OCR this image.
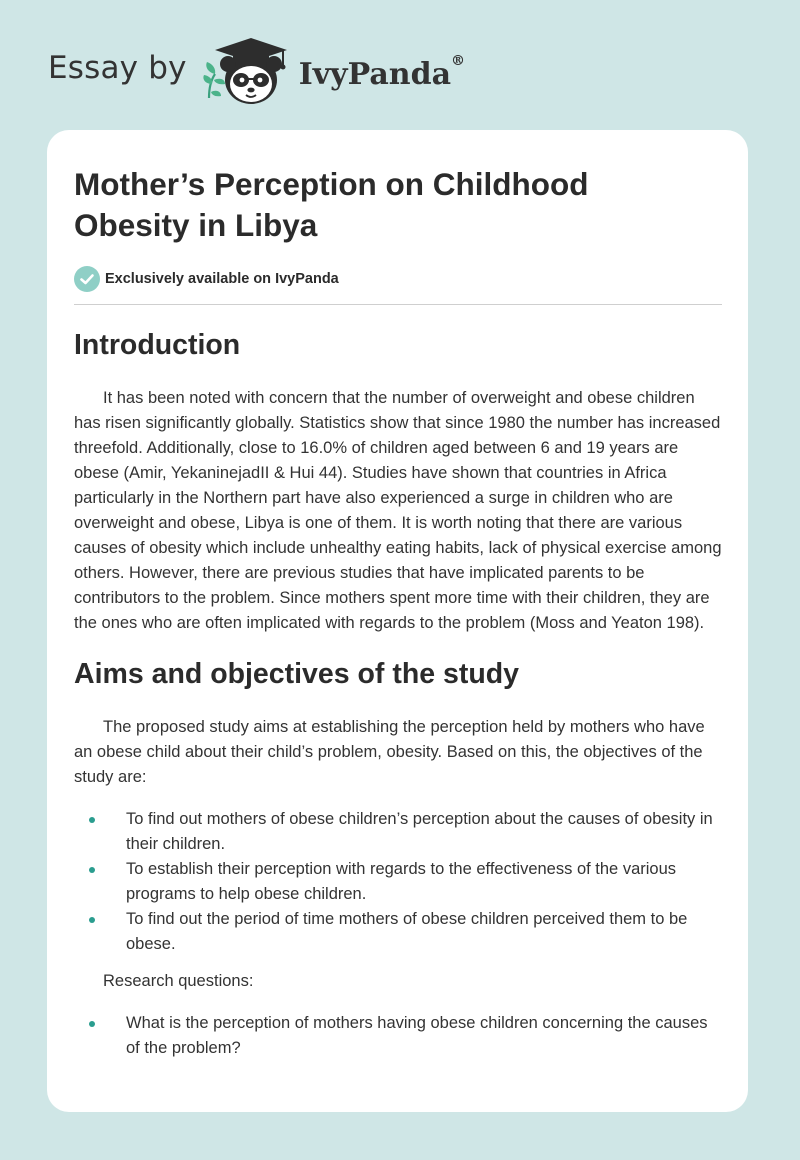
Essay by	IvyPanda®
Mother’s Perception on Childhood Obesity in Libya
Exclusively available on IvyPanda
Introduction

It has been noted with concern that the number of overweight and obese children has risen significantly globally. Statistics show that since 1980 the number has increased threefold. Additionally, close to 16.0% of children aged between 6 and 19 years are obese (Amir, YekaninejadII & Hui 44). Studies have shown that countries in Africa particularly in the Northern part have also experienced a surge in children who are overweight and obese, Libya is one of them. It is worth noting that there are various causes of obesity which include unhealthy eating habits, lack of physical exercise among others. However, there are previous studies that have implicated parents to be contributors to the problem. Since mothers spent more time with their children, they are the ones who are often implicated with regards to the problem (Moss and Yeaton 198).

Aims and objectives of the study

The proposed study aims at establishing the perception held by mothers who have an obese child about their child’s problem, obesity. Based on this, the objectives of the study are:

To find out mothers of obese children’s perception about the causes of obesity in their children.
To establish their perception with regards to the effectiveness of the various programs to help obese children.
To find out the period of time mothers of obese children perceived them to be obese.

Research questions:

What is the perception of mothers having obese children concerning the causes of the problem?
